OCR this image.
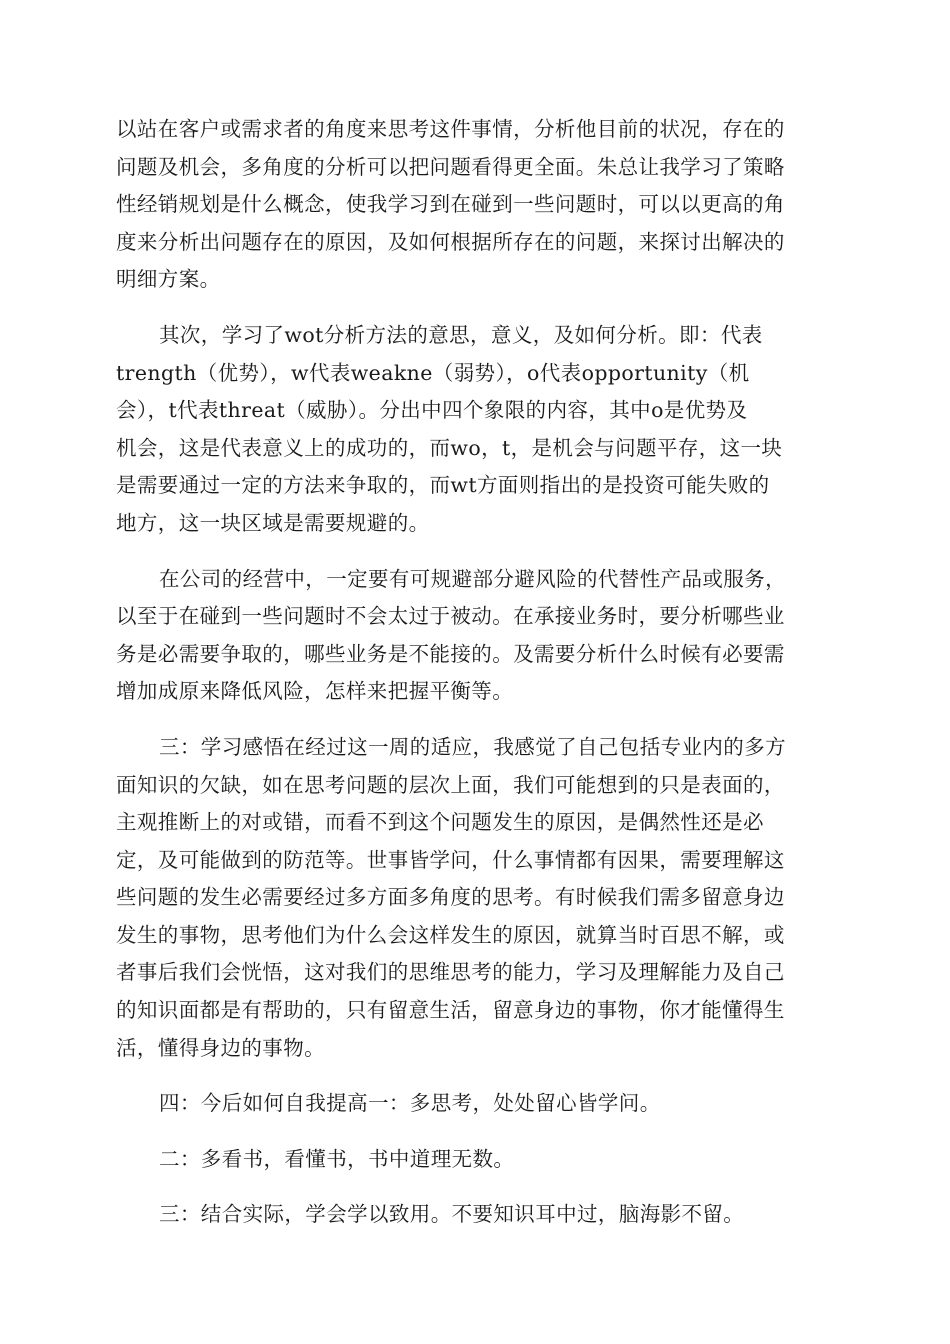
以站在客户或需求者的角度来思考这件事情，分析他目前的状况，存在的
问题及机会，多角度的分析可以把问题看得更全面。朱总让我学习了策略
性经销规划是什么概念，使我学习到在碰到一些问题时，可以以更高的角
度来分析出问题存在的原因，及如何根据所存在的问题，来探讨出解决的
明细方案。
其次，学习了wot分析方法的意思，意义，及如何分析。即：代表
trength（优势），w代表weakne（弱势），o代表opportunity（机
会），t代表threat（威胁）。分出中四个象限的内容，其中o是优势及
机会，这是代表意义上的成功的，而wo，t，是机会与问题平存，这一块
是需要通过一定的方法来争取的，而wt方面则指出的是投资可能失败的
地方，这一块区域是需要规避的。
在公司的经营中，一定要有可规避部分避风险的代替性产品或服务，
以至于在碰到一些问题时不会太过于被动。在承接业务时，要分析哪些业
务是必需要争取的，哪些业务是不能接的。及需要分析什么时候有必要需
增加成原来降低风险，怎样来把握平衡等。
三：学习感悟在经过这一周的适应，我感觉了自己包括专业内的多方
面知识的欠缺，如在思考问题的层次上面，我们可能想到的只是表面的，
主观推断上的对或错，而看不到这个问题发生的原因，是偶然性还是必
定，及可能做到的防范等。世事皆学问，什么事情都有因果，需要理解这
些问题的发生必需要经过多方面多角度的思考。有时候我们需多留意身边
发生的事物，思考他们为什么会这样发生的原因，就算当时百思不解，或
者事后我们会恍悟，这对我们的思维思考的能力，学习及理解能力及自己
的知识面都是有帮助的，只有留意生活，留意身边的事物，你才能懂得生
活，懂得身边的事物。
四：今后如何自我提高一：多思考，处处留心皆学问。
二：多看书，看懂书，书中道理无数。
三：结合实际，学会学以致用。不要知识耳中过，脑海影不留。
